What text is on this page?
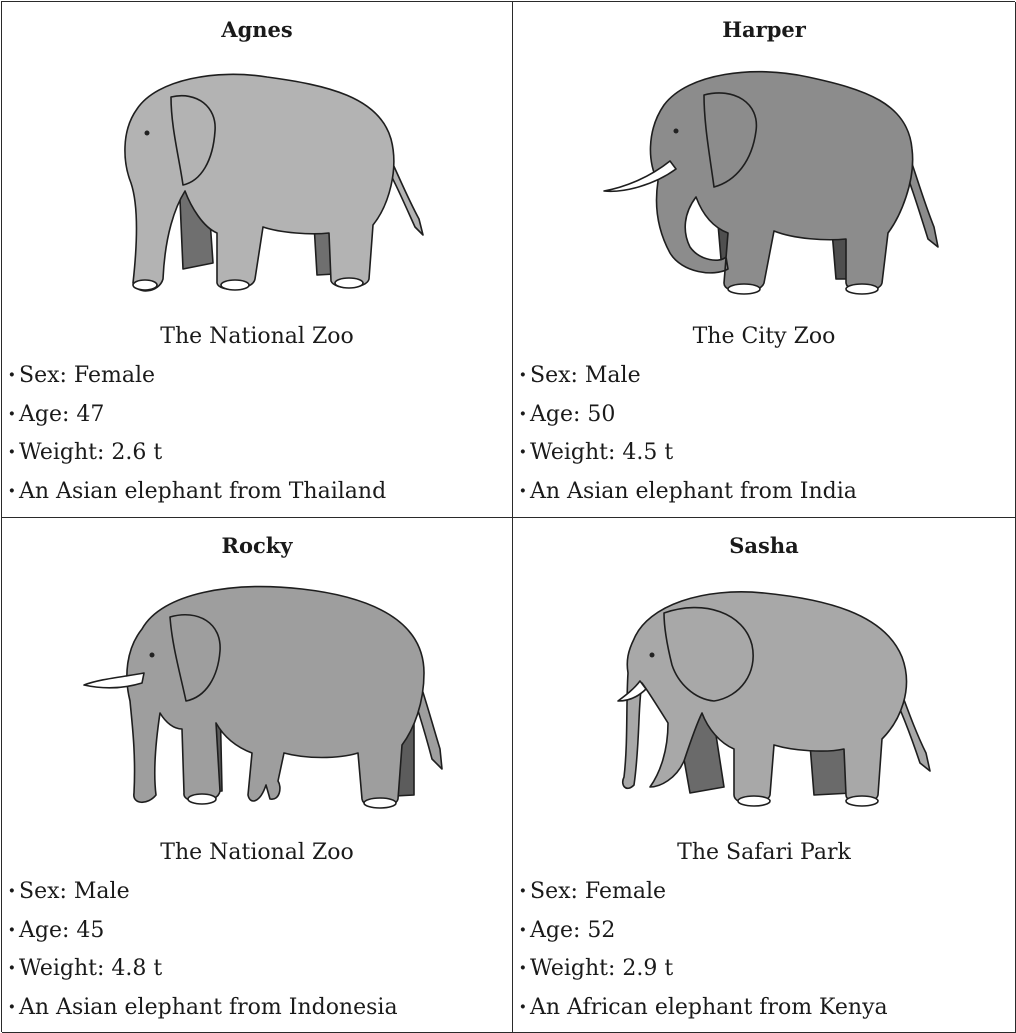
Agnes
The National Zoo
· Sex: Female
· Age: 47
· Weight: 2.6 t
· An Asian elephant from Thailand
Harper
The City Zoo
· Sex: Male
· Age: 50
· Weight: 4.5 t
· An Asian elephant from India
Rocky
The National Zoo
· Sex: Male
· Age: 45
· Weight: 4.8 t
· An Asian elephant from Indonesia
Sasha
The Safari Park
· Sex: Female
· Age: 52
· Weight: 2.9 t
· An African elephant from Kenya
